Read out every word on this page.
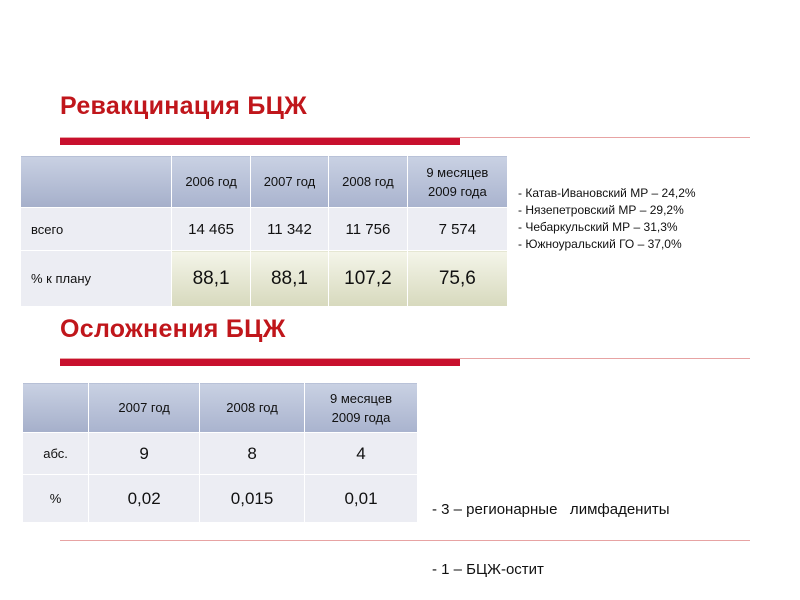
Ревакцинация БЦЖ
	2006 год	2007 год	2008 год	9 месяцев
2009 года
всего	14 465	11 342	11 756	7 574
% к плану	88,1	88,1	107,2	75,6
- Катав-Ивановский МР – 24,2%
- Нязепетровский МР – 29,2%
- Чебаркульский МР – 31,3%
- Южноуральский ГО – 37,0%
Осложнения БЦЖ
	2007 год	2008 год	9 месяцев
2009 года
абс.	9	8	4
%	0,02	0,015	0,01

- 3 – регионарные   лимфадениты

- 1 – БЦЖ-остит
